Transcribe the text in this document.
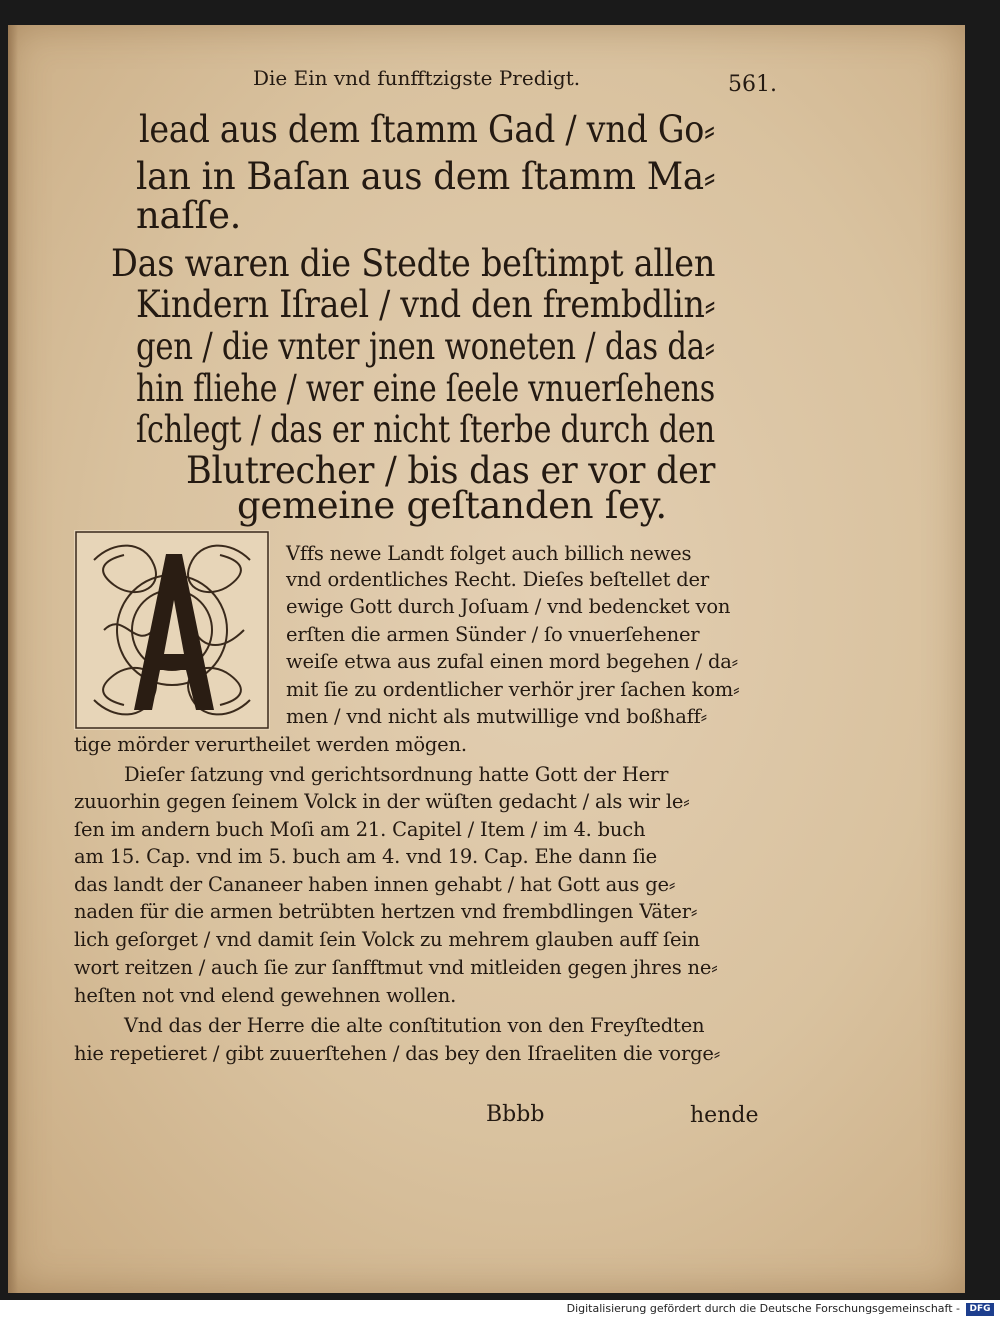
Die Ein vnd funfftzigste Predigt.	561.
lead aus dem ſtamm Gad / vnd Go⸗
lan in Baſan aus dem ſtamm Ma⸗
naſſe.
Das waren die Stedte beſtimpt allen
Kindern Iſrael / vnd den frembdlin⸗
gen / die vnter jnen woneten / das da⸗
hin fliehe / wer eine ſeele vnuerſehens
ſchlegt / das er nicht ſterbe durch den
Blutrecher / bis das er vor der
gemeine geſtanden ſey.
A
Vffs newe Landt folget auch billich newes
vnd ordentliches Recht. Dieſes beſtellet der
ewige Gott durch Joſuam / vnd bedencket von
erſten die armen Sünder / ſo vnuerſehener
weiſe etwa aus zufal einen mord begehen / da⸗
mit ſie zu ordentlicher verhör jrer ſachen kom⸗
men / vnd nicht als mutwillige vnd boßhaff⸗
tige mörder verurtheilet werden mögen.
Dieſer ſatzung vnd gerichtsordnung hatte Gott der Herr
zuuorhin gegen ſeinem Volck in der wüſten gedacht / als wir le⸗
ſen im andern buch Moſi am 21. Capitel / Item / im 4. buch
am 15. Cap. vnd im 5. buch am 4. vnd 19. Cap. Ehe dann ſie
das landt der Cananeer haben innen gehabt / hat Gott aus ge⸗
naden für die armen betrübten hertzen vnd frembdlingen Väter⸗
lich geſorget / vnd damit ſein Volck zu mehrem glauben auff ſein
wort reitzen / auch ſie zur ſanfftmut vnd mitleiden gegen jhres ne⸗
heſten not vnd elend gewehnen wollen.
Vnd das der Herre die alte conſtitution von den Freyſtedten
hie repetieret / gibt zuuerſtehen / das bey den Iſraeliten die vorge⸗
Bbbb	hende
Digitalisierung gefördert durch die Deutsche Forschungsgemeinschaft -	DFG
